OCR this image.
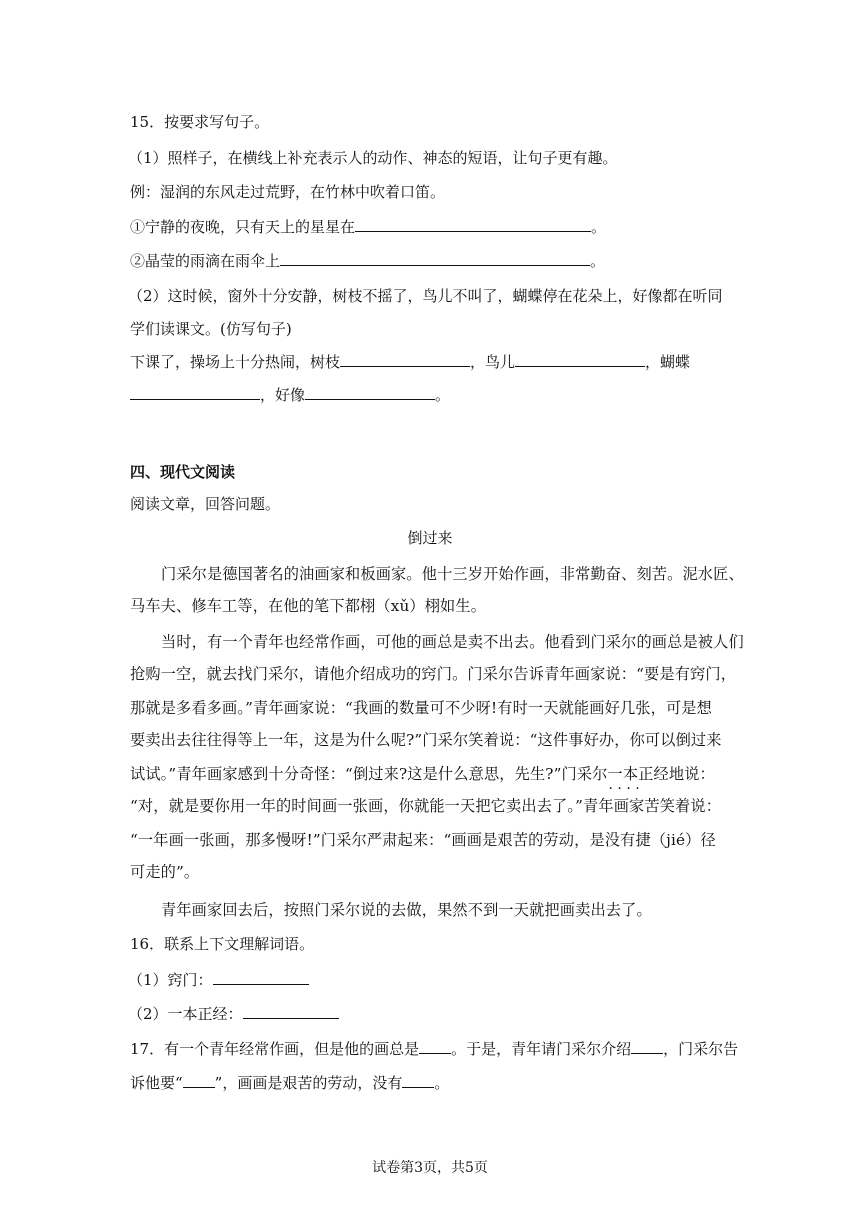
15．按要求写句子。
（1）照样子，在横线上补充表示人的动作、神态的短语，让句子更有趣。
例：湿润的东风走过荒野，在竹林中吹着口笛。
①宁静的夜晚，只有天上的星星在	。
②晶莹的雨滴在雨伞上	。
（2）这时候，窗外十分安静，树枝不摇了，鸟儿不叫了，蝴蝶停在花朵上，好像都在听同
学们读课文。(仿写句子)
下课了，操场上十分热闹，树枝	，鸟儿	，蝴蝶
，好像	。
四、现代文阅读
阅读文章，回答问题。
倒过来
门采尔是德国著名的油画家和板画家。他十三岁开始作画，非常勤奋、刻苦。泥水匠、
马车夫、修车工等，在他的笔下都栩（xǔ）栩如生。
当时，有一个青年也经常作画，可他的画总是卖不出去。他看到门采尔的画总是被人们
抢购一空，就去找门采尔，请他介绍成功的窍门。门采尔告诉青年画家说：“要是有窍门，
那就是多看多画。”青年画家说：“我画的数量可不少呀!有时一天就能画好几张，可是想
要卖出去往往得等上一年，这是为什么呢?”门采尔笑着说：“这件事好办，你可以倒过来
试试。”青年画家感到十分奇怪：“倒过来?这是什么意思，先生?”门采尔一本正经 · · 地说：
“对，就是要你用一年的时间画一张画，你就能一天把它卖出去了。”青年画家苦笑着说：
“一年画一张画，那多慢呀!”门采尔严肃起来：“画画是艰苦的劳动，是没有捷（jié）径
可走的”。
青年画家回去后，按照门采尔说的去做，果然不到一天就把画卖出去了。
16．联系上下文理解词语。
（1）窍门：
（2）一本正经：
17．有一个青年经常作画，但是他的画总是 。于是，青年请门采尔介绍 ，门采尔告
诉他要“ ”，画画是艰苦的劳动，没有 。
试卷第3页，共5页
